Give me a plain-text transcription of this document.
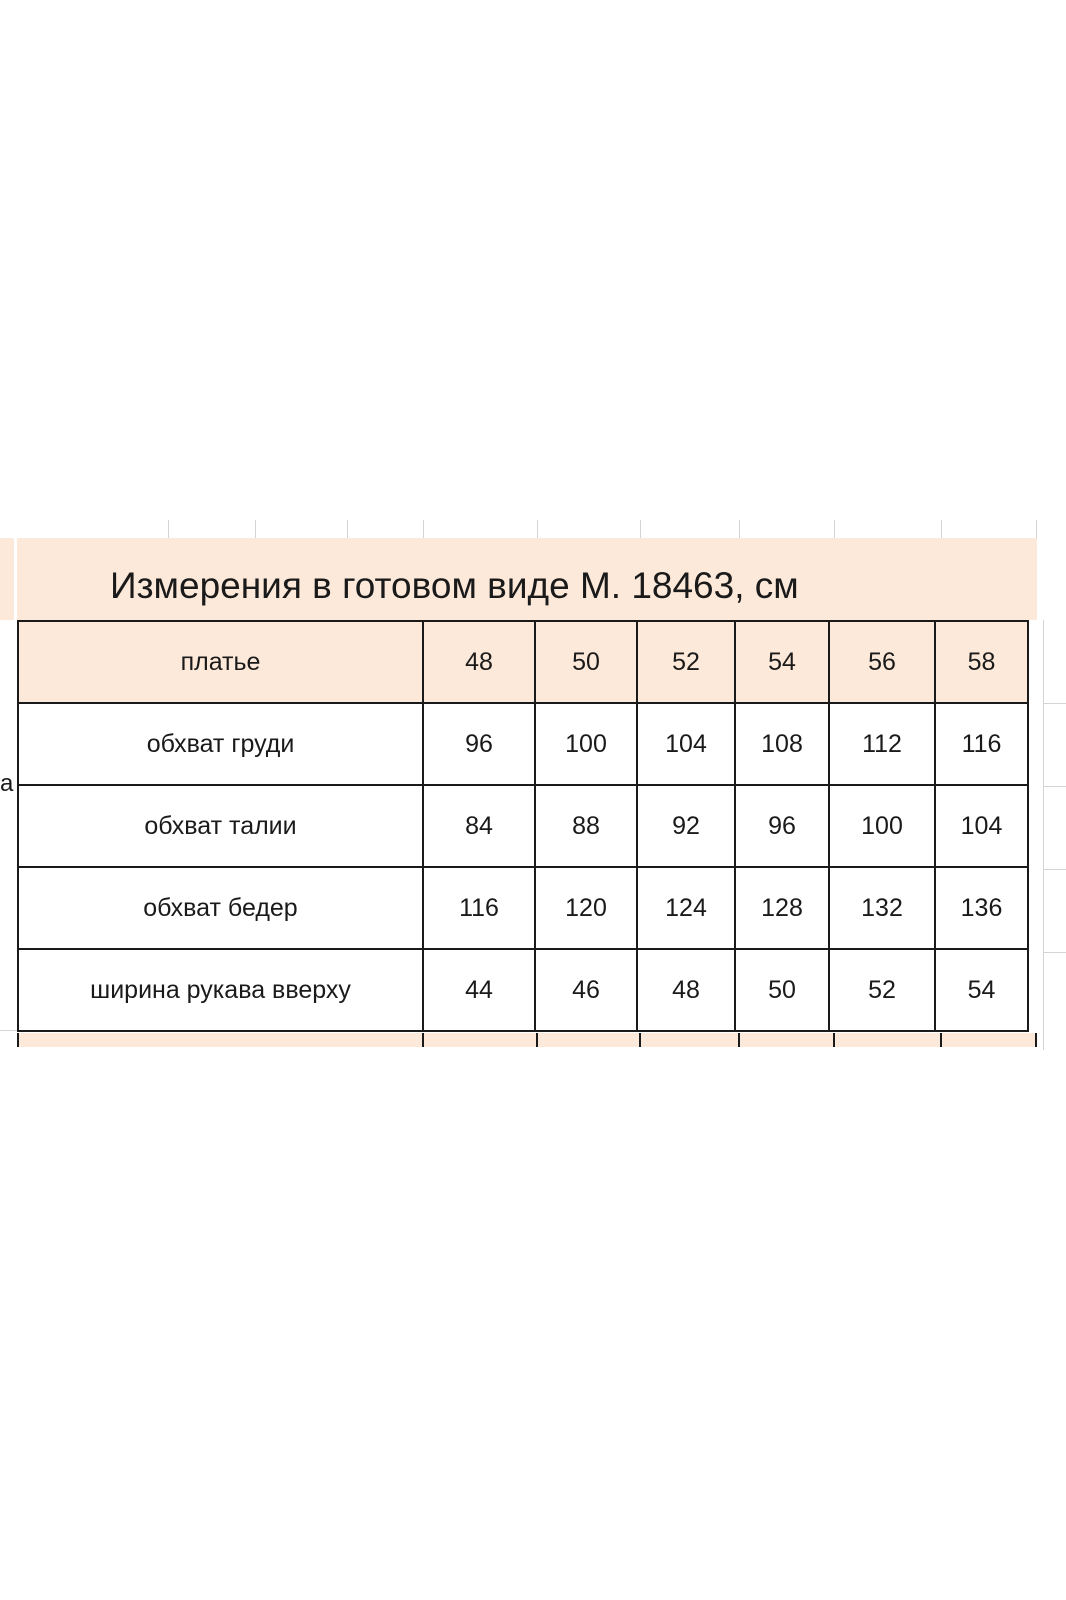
Измерения в готовом виде М. 18463, см
а
платье	48	50	52	54	56	58
обхват груди	96	100	104	108	112	116
обхват талии	84	88	92	96	100	104
обхват бедер	116	120	124	128	132	136
ширина рукава вверху	44	46	48	50	52	54
